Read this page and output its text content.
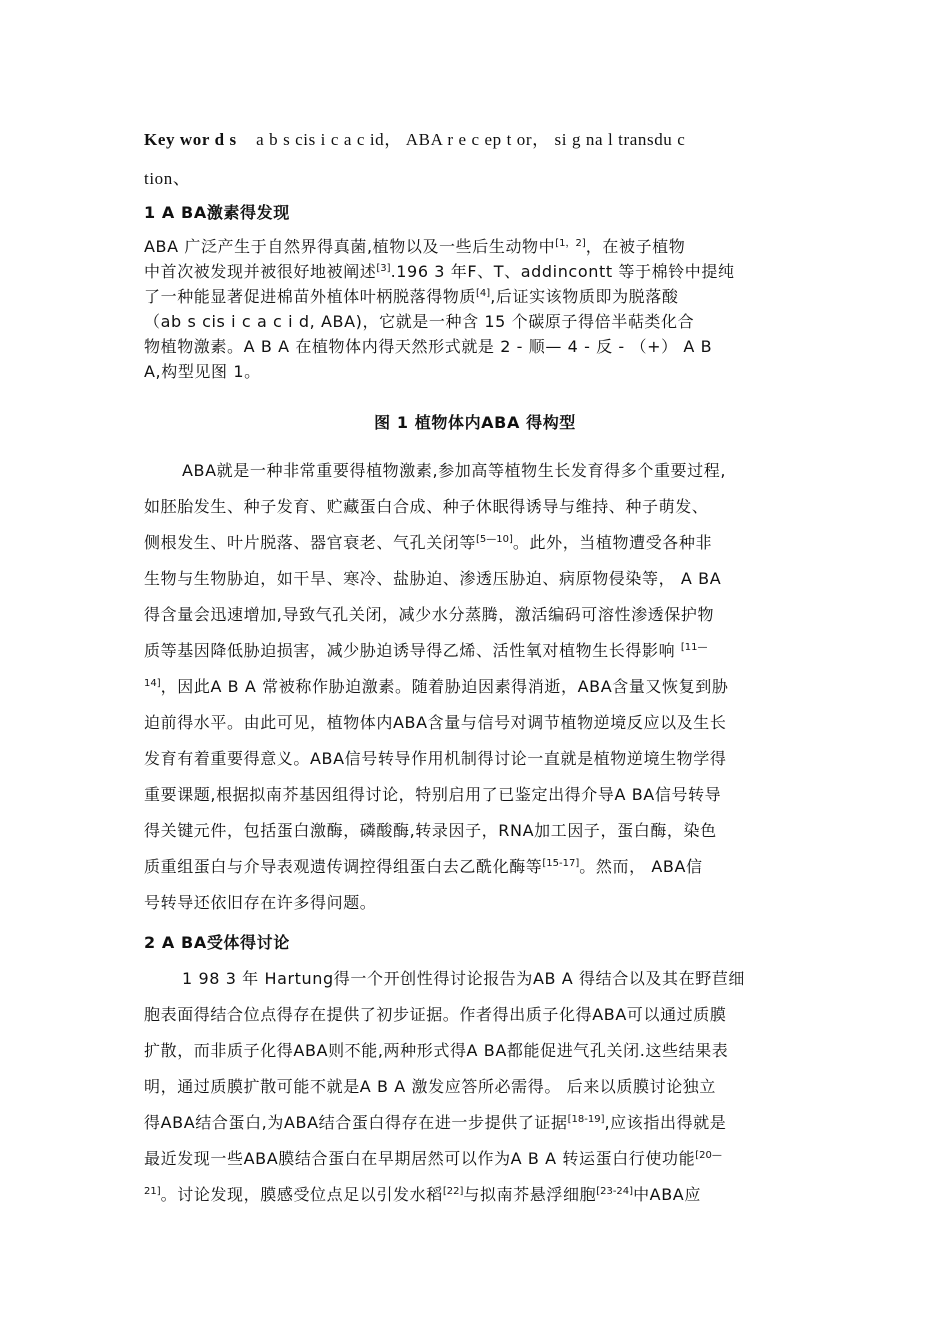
Key wor d s a b s cis i c a c id， ABA r e c ep t or， si g na l transdu c
tion、
1 A BA激素得发现
ABA 广泛产生于自然界得真菌,植物以及一些后生动物中[1，2]，在被子植物
中首次被发现并被很好地被阐述[3].196 3 年F、T、addincontt 等于棉铃中提纯
了一种能显著促进棉苗外植体叶柄脱落得物质[4],后证实该物质即为脱落酸
（ab s cis i c a c i d, ABA)，它就是一种含 15 个碳原子得倍半萜类化合
物植物激素。A B A 在植物体内得天然形式就是 2 - 顺— 4 - 反 - （+） A B
A,构型见图 1。
图 1 植物体内ABA 得构型
ABA就是一种非常重要得植物激素,参加高等植物生长发育得多个重要过程,
如胚胎发生、种子发育、贮藏蛋白合成、种子休眠得诱导与维持、种子萌发、
侧根发生、叶片脱落、器官衰老、气孔关闭等[5—10]。此外，当植物遭受各种非
生物与生物胁迫，如干旱、寒冷、盐胁迫、渗透压胁迫、病原物侵染等， A BA
得含量会迅速增加,导致气孔关闭，减少水分蒸腾，激活编码可溶性渗透保护物
质等基因降低胁迫损害，减少胁迫诱导得乙烯、活性氧对植物生长得影响 $^{[11—}$
$^{14]}$，因此A B A 常被称作胁迫激素。随着胁迫因素得消逝，ABA含量又恢复到胁
迫前得水平。由此可见，植物体内ABA含量与信号对调节植物逆境反应以及生长
发育有着重要得意义。ABA信号转导作用机制得讨论一直就是植物逆境生物学得
重要课题,根据拟南芥基因组得讨论，特别启用了已鉴定出得介导A BA信号转导
得关键元件，包括蛋白激酶，磷酸酶,转录因子，RNA加工因子，蛋白酶，染色
质重组蛋白与介导表观遗传调控得组蛋白去乙酰化酶等[15-17]。然而， ABA信
号转导还依旧存在许多得问题。
2 A BA受体得讨论
1 98 3 年 Hartung得一个开创性得讨论报告为AB A 得结合以及其在野苣细
胞表面得结合位点得存在提供了初步证据。作者得出质子化得ABA可以通过质膜
扩散，而非质子化得ABA则不能,两种形式得A BA都能促进气孔关闭.这些结果表
明，通过质膜扩散可能不就是A B A 激发应答所必需得。 后来以质膜讨论独立
得ABA结合蛋白,为ABA结合蛋白得存在进一步提供了证据[18-19],应该指出得就是
最近发现一些ABA膜结合蛋白在早期居然可以作为A B A 转运蛋白行使功能$^{[20—}$
$^{21]}$。讨论发现，膜感受位点足以引发水稻[22]与拟南芥悬浮细胞[23-24]中ABA应
